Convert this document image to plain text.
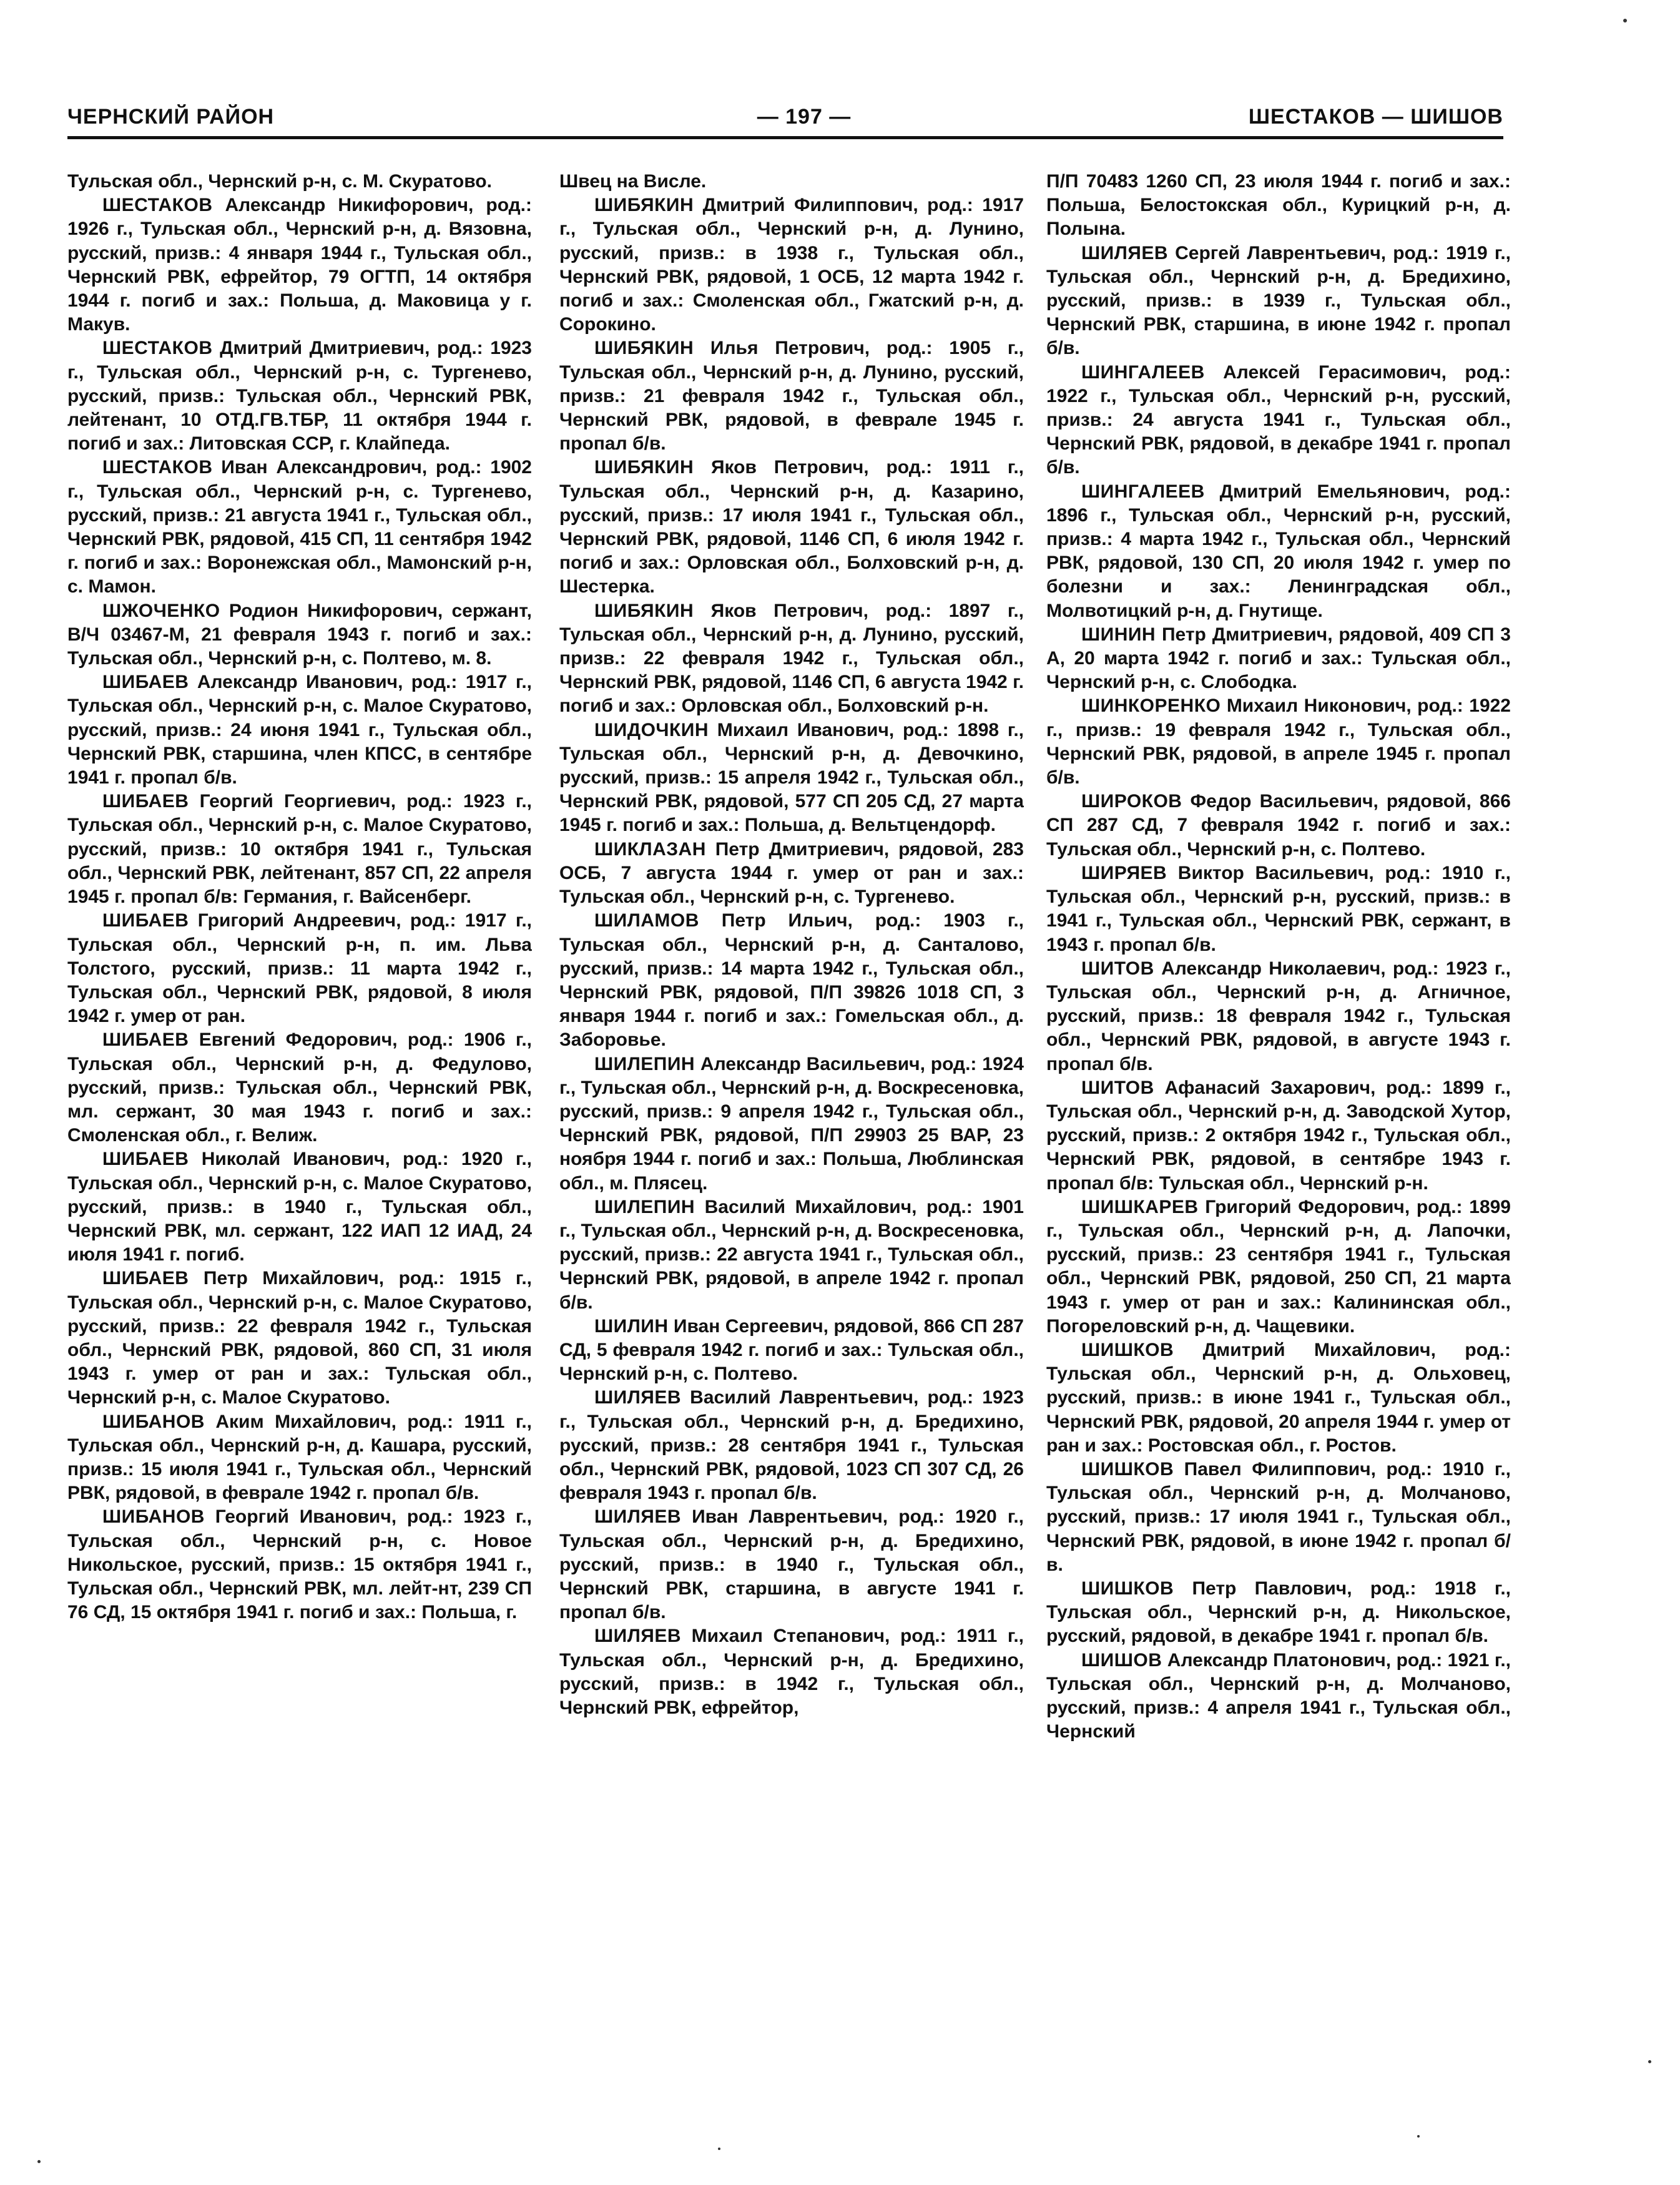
ЧЕРНСКИЙ РАЙОН	— 197 —	ШЕСТАКОВ — ШИШОВ

Тульская обл., Чернский р-н, с. М. Скуратово.

ШЕСТАКОВ Александр Никифорович, род.: 1926 г., Тульская обл., Чернский р-н, д. Вязовна, русский, призв.: 4 января 1944 г., Тульская обл., Чернский РВК, ефрейтор, 79 ОГТП, 14 октября 1944 г. погиб и зах.: Польша, д. Маковица у г. Макув.

ШЕСТАКОВ Дмитрий Дмитриевич, род.: 1923 г., Тульская обл., Чернский р-н, с. Тургенево, русский, призв.: Тульская обл., Чернский РВК, лейтенант, 10 ОТД.ГВ.ТБР, 11 октября 1944 г. погиб и зах.: Литовская ССР, г. Клайпеда.

ШЕСТАКОВ Иван Александрович, род.: 1902 г., Тульская обл., Чернский р-н, с. Тургенево, русский, призв.: 21 августа 1941 г., Тульская обл., Чернский РВК, рядовой, 415 СП, 11 сентября 1942 г. погиб и зах.: Воронежская обл., Мамонский р-н, с. Мамон.

ШЖОЧЕНКО Родион Никифорович, сержант, В/Ч 03467-М, 21 февраля 1943 г. погиб и зах.: Тульская обл., Чернский р-н, с. Полтево, м. 8.

ШИБАЕВ Александр Иванович, род.: 1917 г., Тульская обл., Чернский р-н, с. Малое Скуратово, русский, призв.: 24 июня 1941 г., Тульская обл., Чернский РВК, старшина, член КПСС, в сентябре 1941 г. пропал б/в.

ШИБАЕВ Георгий Георгиевич, род.: 1923 г., Тульская обл., Чернский р-н, с. Малое Скуратово, русский, призв.: 10 октября 1941 г., Тульская обл., Чернский РВК, лейтенант, 857 СП, 22 апреля 1945 г. пропал б/в: Германия, г. Вайсенберг.

ШИБАЕВ Григорий Андреевич, род.: 1917 г., Тульская обл., Чернский р-н, п. им. Льва Толстого, русский, призв.: 11 марта 1942 г., Тульская обл., Чернский РВК, рядовой, 8 июля 1942 г. умер от ран.

ШИБАЕВ Евгений Федорович, род.: 1906 г., Тульская обл., Чернский р-н, д. Федулово, русский, призв.: Тульская обл., Чернский РВК, мл. сержант, 30 мая 1943 г. погиб и зах.: Смоленская обл., г. Велиж.

ШИБАЕВ Николай Иванович, род.: 1920 г., Тульская обл., Чернский р-н, с. Малое Скуратово, русский, призв.: в 1940 г., Тульская обл., Чернский РВК, мл. сержант, 122 ИАП 12 ИАД, 24 июля 1941 г. погиб.

ШИБАЕВ Петр Михайлович, род.: 1915 г., Тульская обл., Чернский р-н, с. Малое Скуратово, русский, призв.: 22 февраля 1942 г., Тульская обл., Чернский РВК, рядовой, 860 СП, 31 июля 1943 г. умер от ран и зах.: Тульская обл., Чернский р-н, с. Малое Скуратово.

ШИБАНОВ Аким Михайлович, род.: 1911 г., Тульская обл., Чернский р-н, д. Кашара, русский, призв.: 15 июля 1941 г., Тульская обл., Чернский РВК, рядовой, в феврале 1942 г. пропал б/в.

ШИБАНОВ Георгий Иванович, род.: 1923 г., Тульская обл., Чернский р-н, с. Новое Никольское, русский, призв.: 15 октября 1941 г., Тульская обл., Чернский РВК, мл. лейт-нт, 239 СП 76 СД, 15 октября 1941 г. погиб и зах.: Польша, г.

Швец на Висле.

ШИБЯКИН Дмитрий Филиппович, род.: 1917 г., Тульская обл., Чернский р-н, д. Лунино, русский, призв.: в 1938 г., Тульская обл., Чернский РВК, рядовой, 1 ОСБ, 12 марта 1942 г. погиб и зах.: Смоленская обл., Гжатский р-н, д. Сорокино.

ШИБЯКИН Илья Петрович, род.: 1905 г., Тульская обл., Чернский р-н, д. Лунино, русский, призв.: 21 февраля 1942 г., Тульская обл., Чернский РВК, рядовой, в феврале 1945 г. пропал б/в.

ШИБЯКИН Яков Петрович, род.: 1911 г., Тульская обл., Чернский р-н, д. Казарино, русский, призв.: 17 июля 1941 г., Тульская обл., Чернский РВК, рядовой, 1146 СП, 6 июля 1942 г. погиб и зах.: Орловская обл., Болховский р-н, д. Шестерка.

ШИБЯКИН Яков Петрович, род.: 1897 г., Тульская обл., Чернский р-н, д. Лунино, русский, призв.: 22 февраля 1942 г., Тульская обл., Чернский РВК, рядовой, 1146 СП, 6 августа 1942 г. погиб и зах.: Орловская обл., Болховский р-н.

ШИДОЧКИН Михаил Иванович, род.: 1898 г., Тульская обл., Чернский р-н, д. Девочкино, русский, призв.: 15 апреля 1942 г., Тульская обл., Чернский РВК, рядовой, 577 СП 205 СД, 27 марта 1945 г. погиб и зах.: Польша, д. Вельтцендорф.

ШИКЛАЗАН Петр Дмитриевич, рядовой, 283 ОСБ, 7 августа 1944 г. умер от ран и зах.: Тульская обл., Чернский р-н, с. Тургенево.

ШИЛАМОВ Петр Ильич, род.: 1903 г., Тульская обл., Чернский р-н, д. Санталово, русский, призв.: 14 марта 1942 г., Тульская обл., Чернский РВК, рядовой, П/П 39826 1018 СП, 3 января 1944 г. погиб и зах.: Гомельская обл., д. Заборовье.

ШИЛЕПИН Александр Васильевич, род.: 1924 г., Тульская обл., Чернский р-н, д. Воскресеновка, русский, призв.: 9 апреля 1942 г., Тульская обл., Чернский РВК, рядовой, П/П 29903 25 ВАР, 23 ноября 1944 г. погиб и зах.: Польша, Люблинская обл., м. Плясец.

ШИЛЕПИН Василий Михайлович, род.: 1901 г., Тульская обл., Чернский р-н, д. Воскресеновка, русский, призв.: 22 августа 1941 г., Тульская обл., Чернский РВК, рядовой, в апреле 1942 г. пропал б/в.

ШИЛИН Иван Сергеевич, рядовой, 866 СП 287 СД, 5 февраля 1942 г. погиб и зах.: Тульская обл., Чернский р-н, с. Полтево.

ШИЛЯЕВ Василий Лаврентьевич, род.: 1923 г., Тульская обл., Чернский р-н, д. Бредихино, русский, призв.: 28 сентября 1941 г., Тульская обл., Чернский РВК, рядовой, 1023 СП 307 СД, 26 февраля 1943 г. пропал б/в.

ШИЛЯЕВ Иван Лаврентьевич, род.: 1920 г., Тульская обл., Чернский р-н, д. Бредихино, русский, призв.: в 1940 г., Тульская обл., Чернский РВК, старшина, в августе 1941 г. пропал б/в.

ШИЛЯЕВ Михаил Степанович, род.: 1911 г., Тульская обл., Чернский р-н, д. Бредихино, русский, призв.: в 1942 г., Тульская обл., Чернский РВК, ефрейтор,

П/П 70483 1260 СП, 23 июля 1944 г. погиб и зах.: Польша, Белостокская обл., Курицкий р-н, д. Полына.

ШИЛЯЕВ Сергей Лаврентьевич, род.: 1919 г., Тульская обл., Чернский р-н, д. Бредихино, русский, призв.: в 1939 г., Тульская обл., Чернский РВК, старшина, в июне 1942 г. пропал б/в.

ШИНГАЛЕЕВ Алексей Герасимович, род.: 1922 г., Тульская обл., Чернский р-н, русский, призв.: 24 августа 1941 г., Тульская обл., Чернский РВК, рядовой, в декабре 1941 г. пропал б/в.

ШИНГАЛЕЕВ Дмитрий Емельянович, род.: 1896 г., Тульская обл., Чернский р-н, русский, призв.: 4 марта 1942 г., Тульская обл., Чернский РВК, рядовой, 130 СП, 20 июля 1942 г. умер по болезни и зах.: Ленинградская обл., Молвотицкий р-н, д. Гнутище.

ШИНИН Петр Дмитриевич, рядовой, 409 СП 3 А, 20 марта 1942 г. погиб и зах.: Тульская обл., Чернский р-н, с. Слободка.

ШИНКОРЕНКО Михаил Никонович, род.: 1922 г., призв.: 19 февраля 1942 г., Тульская обл., Чернский РВК, рядовой, в апреле 1945 г. пропал б/в.

ШИРОКОВ Федор Васильевич, рядовой, 866 СП 287 СД, 7 февраля 1942 г. погиб и зах.: Тульская обл., Чернский р-н, с. Полтево.

ШИРЯЕВ Виктор Васильевич, род.: 1910 г., Тульская обл., Чернский р-н, русский, призв.: в 1941 г., Тульская обл., Чернский РВК, сержант, в 1943 г. пропал б/в.

ШИТОВ Александр Николаевич, род.: 1923 г., Тульская обл., Чернский р-н, д. Агничное, русский, призв.: 18 февраля 1942 г., Тульская обл., Чернский РВК, рядовой, в августе 1943 г. пропал б/в.

ШИТОВ Афанасий Захарович, род.: 1899 г., Тульская обл., Чернский р-н, д. Заводской Хутор, русский, призв.: 2 октября 1942 г., Тульская обл., Чернский РВК, рядовой, в сентябре 1943 г. пропал б/в: Тульская обл., Чернский р-н.

ШИШКАРЕВ Григорий Федорович, род.: 1899 г., Тульская обл., Чернский р-н, д. Лапочки, русский, призв.: 23 сентября 1941 г., Тульская обл., Чернский РВК, рядовой, 250 СП, 21 марта 1943 г. умер от ран и зах.: Калининская обл., Погореловский р-н, д. Чащевики.

ШИШКОВ Дмитрий Михайлович, род.: Тульская обл., Чернский р-н, д. Ольховец, русский, призв.: в июне 1941 г., Тульская обл., Чернский РВК, рядовой, 20 апреля 1944 г. умер от ран и зах.: Ростовская обл., г. Ростов.

ШИШКОВ Павел Филиппович, род.: 1910 г., Тульская обл., Чернский р-н, д. Молчаново, русский, призв.: 17 июля 1941 г., Тульская обл., Чернский РВК, рядовой, в июне 1942 г. пропал б/в.

ШИШКОВ Петр Павлович, род.: 1918 г., Тульская обл., Чернский р-н, д. Никольское, русский, рядовой, в декабре 1941 г. пропал б/в.

ШИШОВ Александр Платонович, род.: 1921 г., Тульская обл., Чернский р-н, д. Молчаново, русский, призв.: 4 апреля 1941 г., Тульская обл., Чернский
